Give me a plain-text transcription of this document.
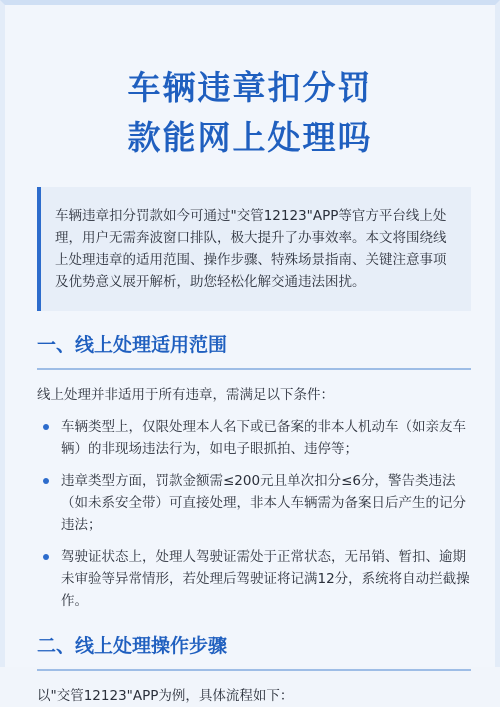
车辆违章扣分罚
款能网上处理吗
车辆违章扣分罚款如今可通过"交管12123"APP等官方平台线上处理，用户无需奔波窗口排队，极大提升了办事效率。本文将围绕线上处理违章的适用范围、操作步骤、特殊场景指南、关键注意事项及优势意义展开解析，助您轻松化解交通违法困扰。
一、线上处理适用范围
线上处理并非适用于所有违章，需满足以下条件：
车辆类型上，仅限处理本人名下或已备案的非本人机动车（如亲友车辆）的非现场违法行为，如电子眼抓拍、违停等；
违章类型方面，罚款金额需≤200元且单次扣分≤6分，警告类违法（如未系安全带）可直接处理，非本人车辆需为备案日后产生的记分违法；
驾驶证状态上，处理人驾驶证需处于正常状态，无吊销、暂扣、逾期未审验等异常情形，若处理后驾驶证将记满12分，系统将自动拦截操作。
二、线上处理操作步骤
以"交管12123"APP为例，具体流程如下：
